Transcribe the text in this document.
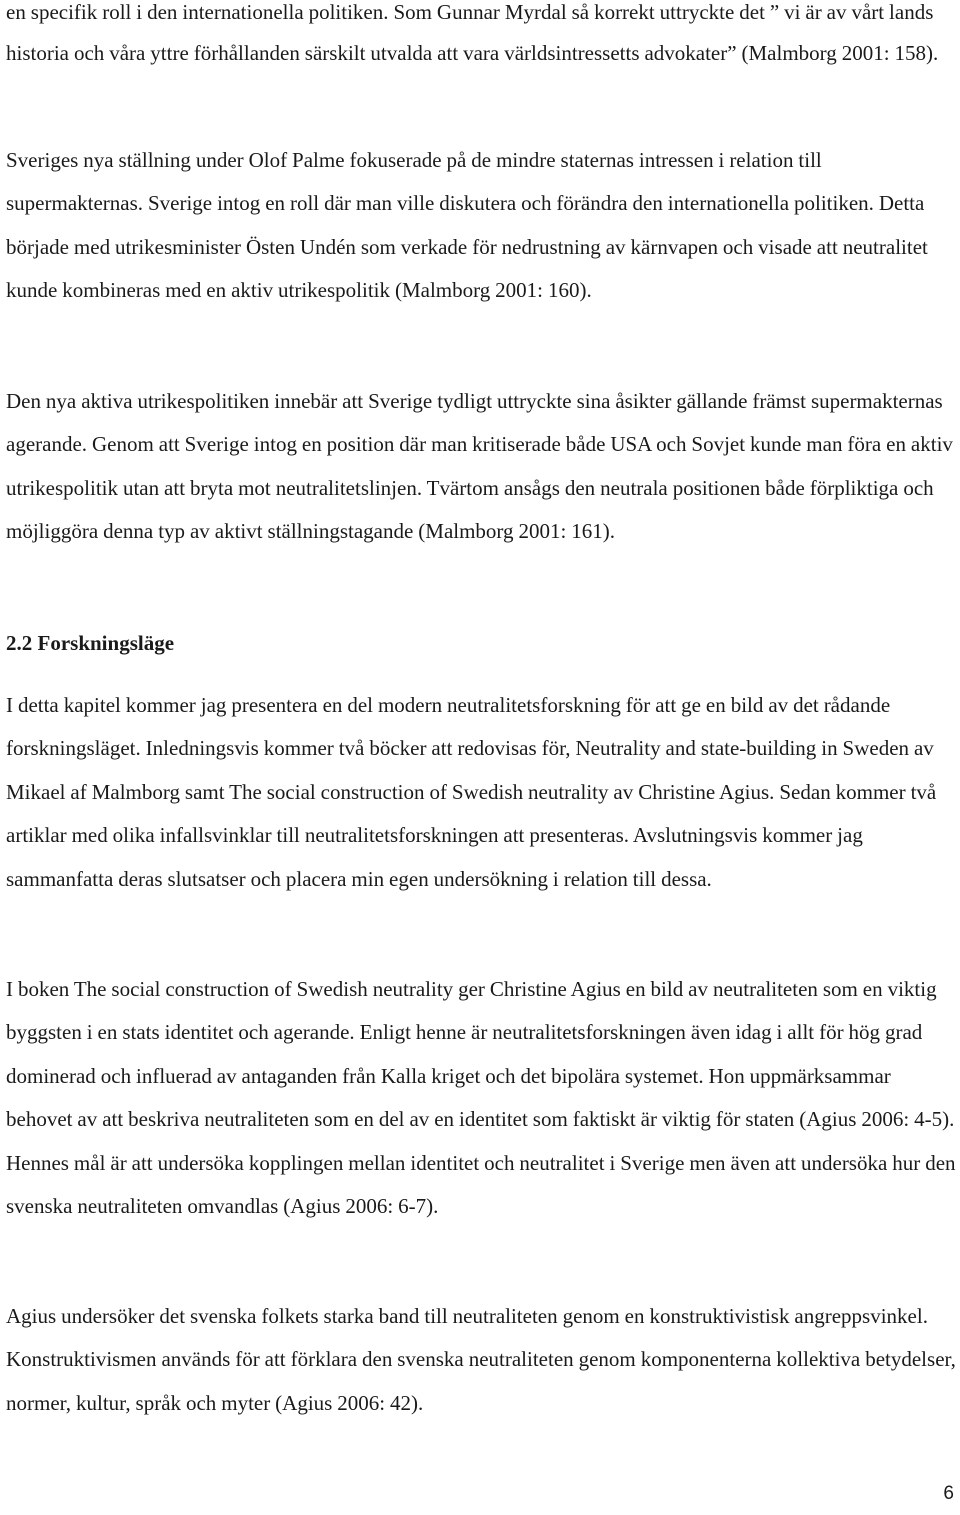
en specifik roll i den internationella politiken. Som Gunnar Myrdal så korrekt uttryckte det ” vi är av vårt lands historia och våra yttre förhållanden särskilt utvalda att vara världsintressetts advokater” (Malmborg 2001: 158).

Sveriges nya ställning under Olof Palme fokuserade på de mindre staternas intressen i relation till supermakternas. Sverige intog en roll där man ville diskutera och förändra den internationella politiken. Detta började med utrikesminister Östen Undén som verkade för nedrustning av kärnvapen och visade att neutralitet kunde kombineras med en aktiv utrikespolitik (Malmborg 2001: 160).

Den nya aktiva utrikespolitiken innebär att Sverige tydligt uttryckte sina åsikter gällande främst supermakternas agerande. Genom att Sverige intog en position där man kritiserade både USA och Sovjet kunde man föra en aktiv utrikespolitik utan att bryta mot neutralitetslinjen. Tvärtom ansågs den neutrala positionen både förpliktiga och möjliggöra denna typ av aktivt ställningstagande (Malmborg 2001: 161).

2.2 Forskningsläge

I detta kapitel kommer jag presentera en del modern neutralitetsforskning för att ge en bild av det rådande forskningsläget. Inledningsvis kommer två böcker att redovisas för, Neutrality and state-building in Sweden av Mikael af Malmborg samt The social construction of Swedish neutrality av Christine Agius. Sedan kommer två artiklar med olika infallsvinklar till neutralitetsforskningen att presenteras. Avslutningsvis kommer jag sammanfatta deras slutsatser och placera min egen undersökning i relation till dessa.

I boken The social construction of Swedish neutrality ger Christine Agius en bild av neutraliteten som en viktig byggsten i en stats identitet och agerande. Enligt henne är neutralitetsforskningen även idag i allt för hög grad dominerad och influerad av antaganden från Kalla kriget och det bipolära systemet. Hon uppmärksammar behovet av att beskriva neutraliteten som en del av en identitet som faktiskt är viktig för staten (Agius 2006: 4-5). Hennes mål är att undersöka kopplingen mellan identitet och neutralitet i Sverige men även att undersöka hur den svenska neutraliteten omvandlas (Agius 2006: 6-7).

Agius undersöker det svenska folkets starka band till neutraliteten genom en konstruktivistisk angreppsvinkel. Konstruktivismen används för att förklara den svenska neutraliteten genom komponenterna kollektiva betydelser, normer, kultur, språk och myter (Agius 2006: 42).

6
